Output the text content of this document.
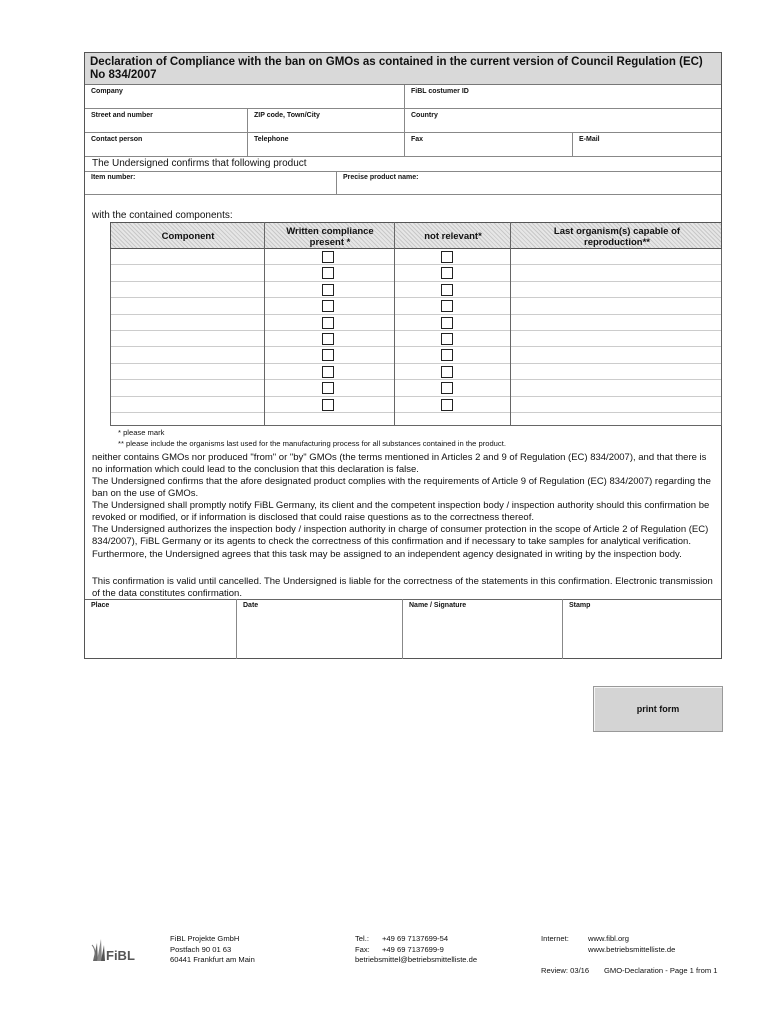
Declaration of Compliance with the ban on GMOs as contained in the current version of Council Regulation (EC) No 834/2007
Company	FiBL costumer ID
Street and number	ZIP code, Town/City	Country
Contact person	Telephone	Fax	E-Mail
The Undersigned confirms that following product
Item number:	Precise product name:
with the contained components:
Place	Date	Name / Signature	Stamp
Component	Written compliance present *	not relevant*	Last organism(s) capable of reproduction**
* please mark
** please include the organisms last used for the manufacturing process for all substances contained in the product.
neither contains GMOs nor produced "from" or "by" GMOs (the terms mentioned in Articles 2 and 9 of Regulation (EC) 834/2007), and that there is no information which could lead to the conclusion that this declaration is false.
The Undersigned confirms that the afore designated product complies with the requirements of Article 9 of Regulation (EC) 834/2007) regarding the ban on the use of GMOs.
The Undersigned shall promptly notify FiBL Germany, its client and the competent inspection body / inspection authority should this confirmation be revoked or modified, or if information is disclosed that could raise questions as to the correctness thereof.
The Undersigned authorizes the inspection body / inspection authority in charge of consumer protection in the scope of Article 2 of Regulation (EC) 834/2007), FiBL Germany or its agents to check the correctness of this confirmation and if necessary to take samples for analytical verification. Furthermore, the Undersigned agrees that this task may be assigned to an independent agency designated in writing by the inspection body.
This confirmation is valid until cancelled. The Undersigned is liable for the correctness of the statements in this confirmation. Electronic transmission of the data constitutes confirmation.
print form
FiBL
FiBL Projekte GmbH
Postfach 90 01 63
60441 Frankfurt am Main
Tel.: +49 69 7137699-54
Fax: +49 69 7137699-9
betriebsmittel@betriebsmittelliste.de
Internet:	www.fibl.org
www.betriebsmittelliste.de
Review: 03/16 GMO-Declaration - Page 1 from 1
